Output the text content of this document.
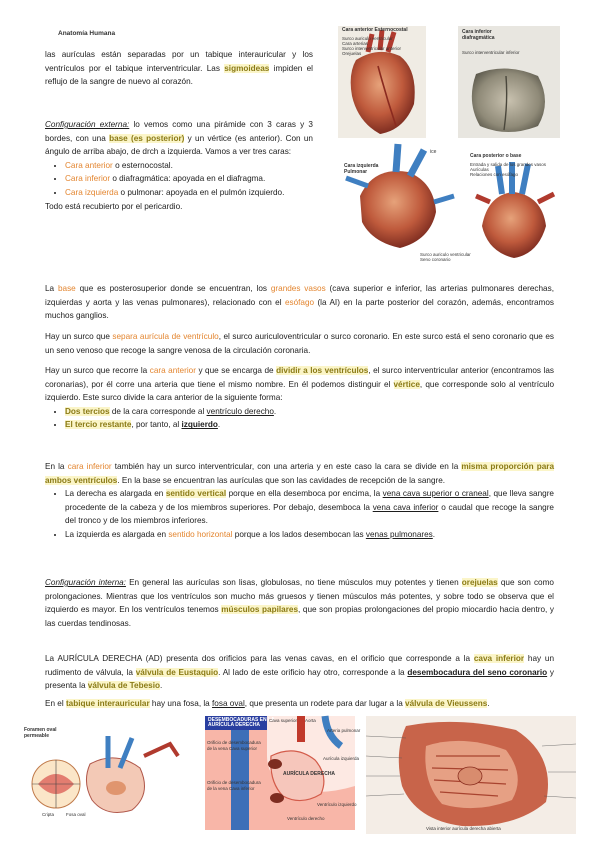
Anatomía Humana

las aurículas están separadas por un tabique interauricular y los ventrículos por el tabique interventricular. Las sigmoideas impiden el reflujo de la sangre de nuevo al corazón.

Configuración externa: lo vemos como una pirámide con 3 caras y 3 bordes, con una base (es posterior) y un vértice (es anterior). Con un ángulo de arriba abajo, de drch a izquierda. Vamos a ver tres caras:
• Cara anterior o esternocostal.
• Cara inferior o diafragmática: apoyada en el diafragma.
• Cara izquierda o pulmonar: apoyada en el pulmón izquierdo.
Todo está recubierto por el pericardio.
Cara anterior Esternocostal
Surco auriculo ventricular
Cara arterias
Surco interventricular anterior
Orejuelas
Cara inferior diafragmática
Surco interventricular inferior
ice
Cara izquierda Pulmonar
Cara posterior o base
Entrada y salida de los grandes vasos
Aurículas
Relaciones con esófago
Surco auriculo ventricular
Seno coronario

La base que es posterosuperior donde se encuentran, los grandes vasos (cava superior e inferior, las arterias pulmonares derechas, izquierdas y aorta y las venas pulmonares), relacionado con el esófago (la AI) en la parte posterior del corazón, además, encontramos muchos ganglios.

Hay un surco que separa aurícula de ventrículo, el surco auriculoventricular o surco coronario. En este surco está el seno coronario que es un seno venoso que recoge la sangre venosa de la circulación coronaria.

Hay un surco que recorre la cara anterior y que se encarga de dividir a los ventrículos, el surco interventricular anterior (encontramos las coronarias), por él corre una arteria que tiene el mismo nombre. En él podemos distinguir el vértice, que corresponde solo al ventrículo izquierdo. Este surco divide la cara anterior de la siguiente forma:
• Dos tercios de la cara corresponde al ventrículo derecho.
• El tercio restante, por tanto, al izquierdo.
En la cara inferior también hay un surco interventricular, con una arteria y en este caso la cara se divide en la misma proporción para ambos ventrículos. En la base se encuentran las aurículas que son las cavidades de recepción de la sangre.
• La derecha es alargada en sentido vertical porque en ella desemboca por encima, la vena cava superior o craneal, que lleva sangre procedente de la cabeza y de los miembros superiores. Por debajo, desemboca la vena cava inferior o caudal que recoge la sangre del tronco y de los miembros inferiores.
• La izquierda es alargada en sentido horizontal porque a los lados desembocan las venas pulmonares.

Configuración interna: En general las aurículas son lisas, globulosas, no tiene músculos muy potentes y tienen orejuelas que son como prolongaciones. Mientras que los ventrículos son mucho más gruesos y tienen músculos más potentes, y sobre todo se observa que el izquierdo es mayor. En los ventrículos tenemos músculos papilares, que son propias prolongaciones del propio miocardio hacia dentro, y las cuerdas tendinosas.

La AURÍCULA DERECHA (AD) presenta dos orificios para las venas cavas, en el orificio que corresponde a la cava inferior hay un rudimento de válvula, la válvula de Eustaquio. Al lado de este orificio hay otro, corresponde a la desembocadura del seno coronario y presenta la válvula de Tebesio.

En el tabique interauricular hay una fosa, la fosa oval, que presenta un rodete para dar lugar a la válvula de Vieussens.

Foramen oval
permeable
Cripta	Fosa oval
DESEMBOCADURAS EN LA
AURÍCULA DERECHA
Cava superior Aorta
Arteria pulmonar
Orificio de desembocadura de la vena Cava superior
Orificio de desembocadura de la vena Cava inferior
AURÍCULA DERECHA
Ventrículo derecho
Ventrículo izquierdo
Aurícula izquierda
Vista interior aurícula derecha abierta
